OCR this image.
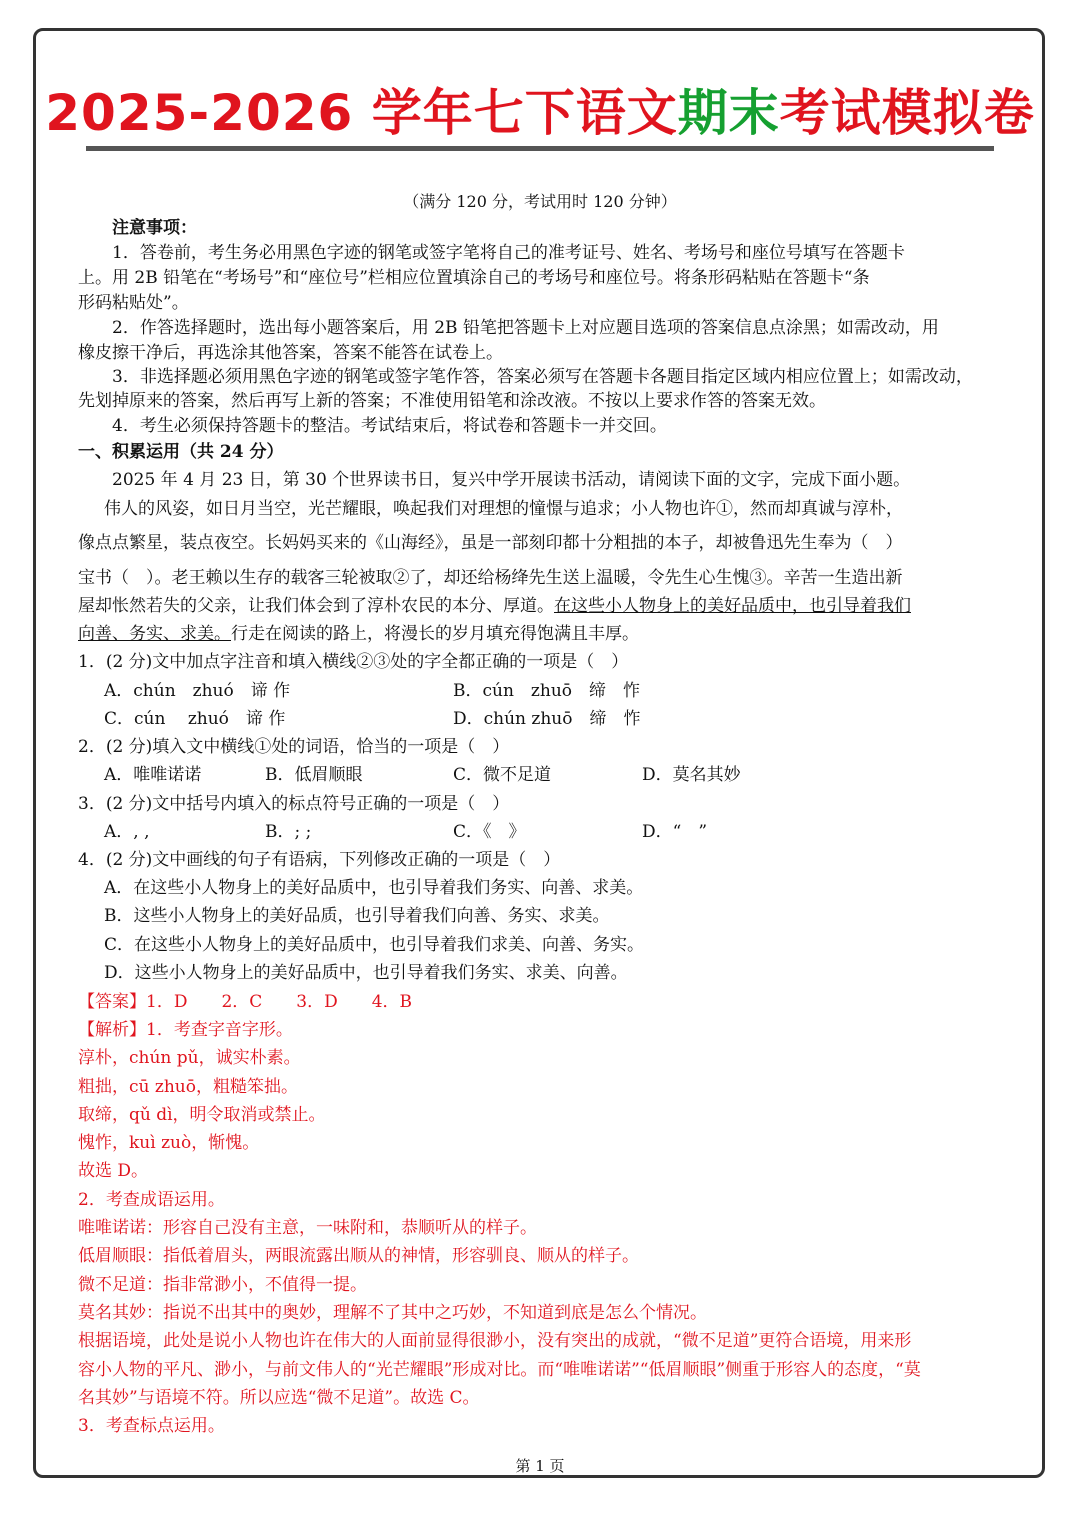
2025-2026 学年七下语文期末考试模拟卷
（满分 120 分，考试用时 120 分钟）
注意事项：
1．答卷前，考生务必用黑色字迹的钢笔或签字笔将自己的准考证号、姓名、考场号和座位号填写在答题卡
上。用 2B 铅笔在“考场号”和“座位号”栏相应位置填涂自己的考场号和座位号。将条形码粘贴在答题卡“条
形码粘贴处”。
2．作答选择题时，选出每小题答案后，用 2B 铅笔把答题卡上对应题目选项的答案信息点涂黑；如需改动，用
橡皮擦干净后，再选涂其他答案，答案不能答在试卷上。
3．非选择题必须用黑色字迹的钢笔或签字笔作答，答案必须写在答题卡各题目指定区域内相应位置上；如需改动，
先划掉原来的答案，然后再写上新的答案；不准使用铅笔和涂改液。不按以上要求作答的答案无效。
4．考生必须保持答题卡的整洁。考试结束后，将试卷和答题卡一并交回。
一、积累运用（共 24 分）
2025 年 4 月 23 日，第 30 个世界读书日，复兴中学开展读书活动，请阅读下面的文字，完成下面小题。
伟人的风姿，如日月当空，光芒耀眼，唤起我们对理想的憧憬与追求；小人物也许①，然而却真诚与淳朴，
像点点繁星，装点夜空。长妈妈买来的《山海经》，虽是一部刻印都十分粗拙的本子，却被鲁迅先生奉为（　）
宝书（　）。老王赖以生存的载客三轮被取②了，却还给杨绛先生送上温暖，令先生心生愧③。辛苦一生造出新
屋却怅然若失的父亲，让我们体会到了淳朴农民的本分、厚道。在这些小人物身上的美好品质中，也引导着我们
向善、务实、求美。行走在阅读的路上，将漫长的岁月填充得饱满且丰厚。
1．(2 分)文中加点字注音和填入横线②③处的字全都正确的一项是（　）
A．chún　zhuó　谛 作	B．cún　zhuō　缔　怍
C．cún　 zhuó　谛 作	D．chún zhuō　缔　怍
2．(2 分)填入文中横线①处的词语，恰当的一项是（　）
A．唯唯诺诺	B．低眉顺眼	C．微不足道	D．莫名其妙
3．(2 分)文中括号内填入的标点符号正确的一项是（　）
A．, ,	B．; ;	C．《　》	D．“　”
4．(2 分)文中画线的句子有语病，下列修改正确的一项是（　）
A．在这些小人物身上的美好品质中，也引导着我们务实、向善、求美。
B．这些小人物身上的美好品质，也引导着我们向善、务实、求美。
C．在这些小人物身上的美好品质中，也引导着我们求美、向善、务实。
D．这些小人物身上的美好品质中，也引导着我们务实、求美、向善。
【答案】1．D　　2．C　　3．D　　4．B
【解析】1．考查字音字形。
淳朴，chún pǔ，诚实朴素。
粗拙，cū zhuō，粗糙笨拙。
取缔，qǔ dì，明令取消或禁止。
愧怍，kuì zuò，惭愧。
故选 D。
2．考查成语运用。
唯唯诺诺：形容自己没有主意，一味附和，恭顺听从的样子。
低眉顺眼：指低着眉头，两眼流露出顺从的神情，形容驯良、顺从的样子。
微不足道：指非常渺小，不值得一提。
莫名其妙：指说不出其中的奥妙，理解不了其中之巧妙，不知道到底是怎么个情况。
根据语境，此处是说小人物也许在伟大的人面前显得很渺小，没有突出的成就，“微不足道”更符合语境，用来形
容小人物的平凡、渺小，与前文伟人的“光芒耀眼”形成对比。而“唯唯诺诺”“低眉顺眼”侧重于形容人的态度，“莫
名其妙”与语境不符。所以应选“微不足道”。故选 C。
3．考查标点运用。
第 1 页
